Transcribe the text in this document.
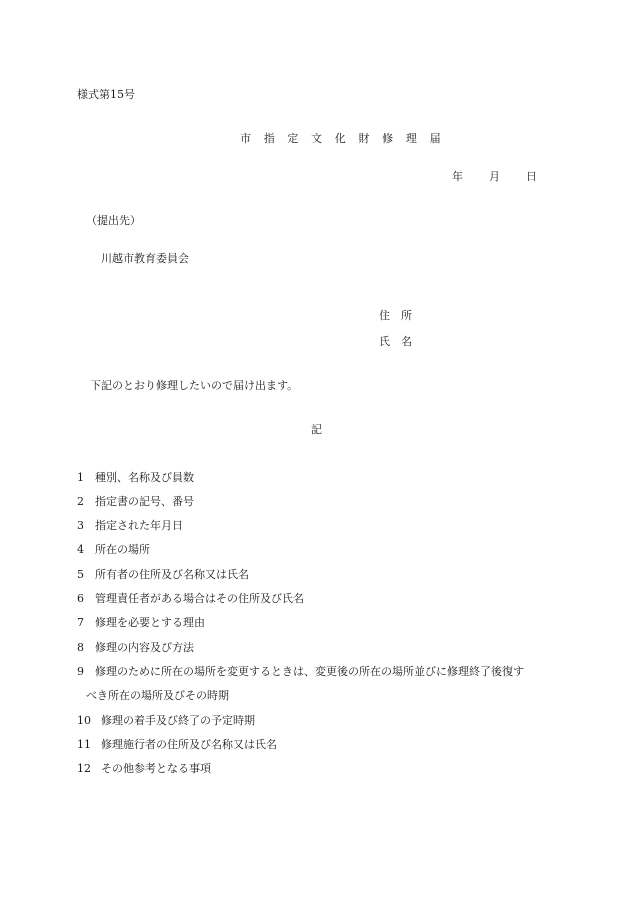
様式第15号
市 指 定 文 化 財 修 理 届
年 月 日
（提出先）
川越市教育委員会
住　所
氏　名
下記のとおり修理したいので届け出ます。
記
1 種別、名称及び員数
2 指定書の記号、番号
3 指定された年月日
4 所在の場所
5 所有者の住所及び名称又は氏名
6 管理責任者がある場合はその住所及び氏名
7 修理を必要とする理由
8 修理の内容及び方法
9 修理のために所在の場所を変更するときは、変更後の所在の場所並びに修理終了後復す
べき所在の場所及びその時期
10 修理の着手及び終了の予定時期
11 修理施行者の住所及び名称又は氏名
12 その他参考となる事項
